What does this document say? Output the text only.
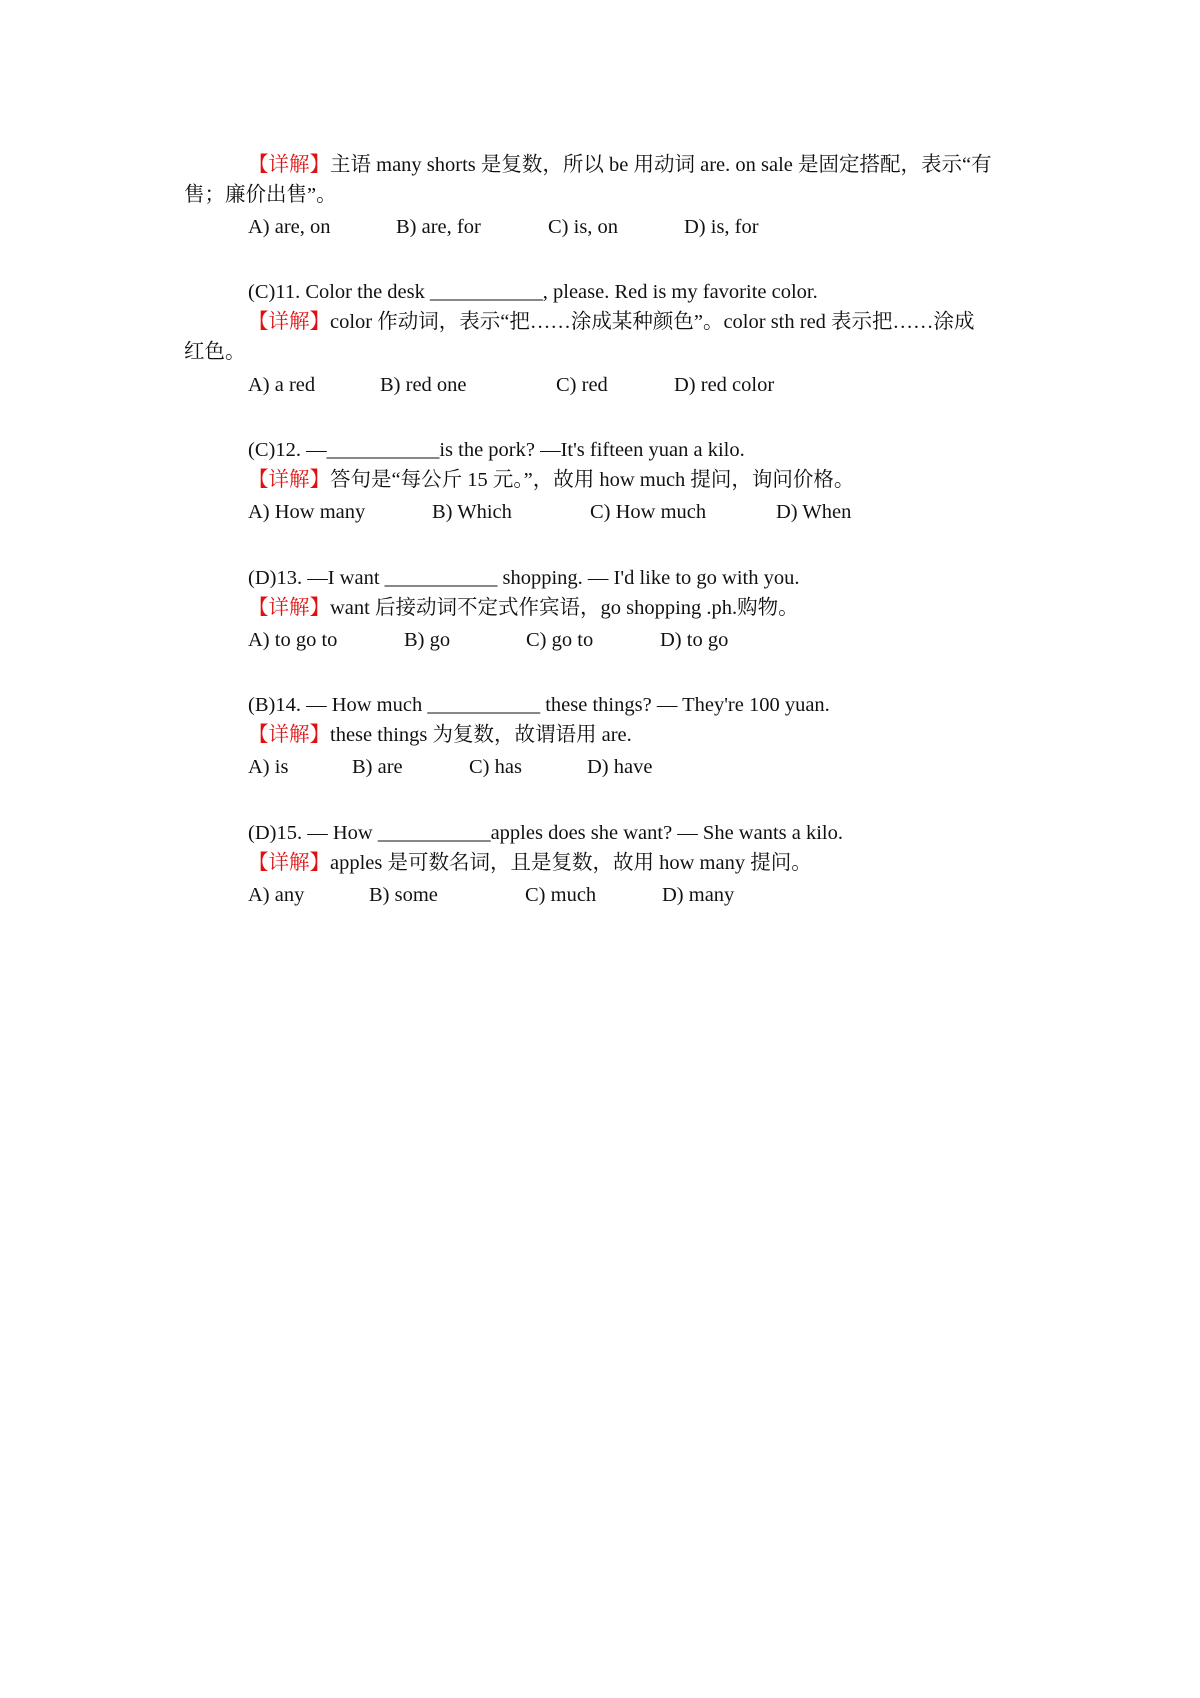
【详解】主语 many shorts 是复数，所以 be 用动词 are. on sale 是固定搭配，表示“有
售；廉价出售”。
A) are, on	B) are, for	C) is, on	D) is, for
(C)11. Color the desk ___________, please. Red is my favorite color.
【详解】color 作动词，表示“把……涂成某种颜色”。color sth red 表示把……涂成
红色。
A) a red	B) red one	C) red	D) red color
(C)12. —___________is the pork? —It's fifteen yuan a kilo.
【详解】答句是“每公斤 15 元。”，故用 how much 提问，询问价格。
A) How many	B) Which	C) How much	D) When
(D)13. —I want ___________ shopping. — I'd like to go with you.
【详解】want 后接动词不定式作宾语，go shopping .ph.购物。
A) to go to	B) go	C) go to	D) to go
(B)14. — How much ___________ these things? — They're 100 yuan.
【详解】these things 为复数，故谓语用 are.
A) is	B) are	C) has	D) have
(D)15. — How ___________apples does she want? — She wants a kilo.
【详解】apples 是可数名词，且是复数，故用 how many 提问。
A) any	B) some	C) much	D) many
